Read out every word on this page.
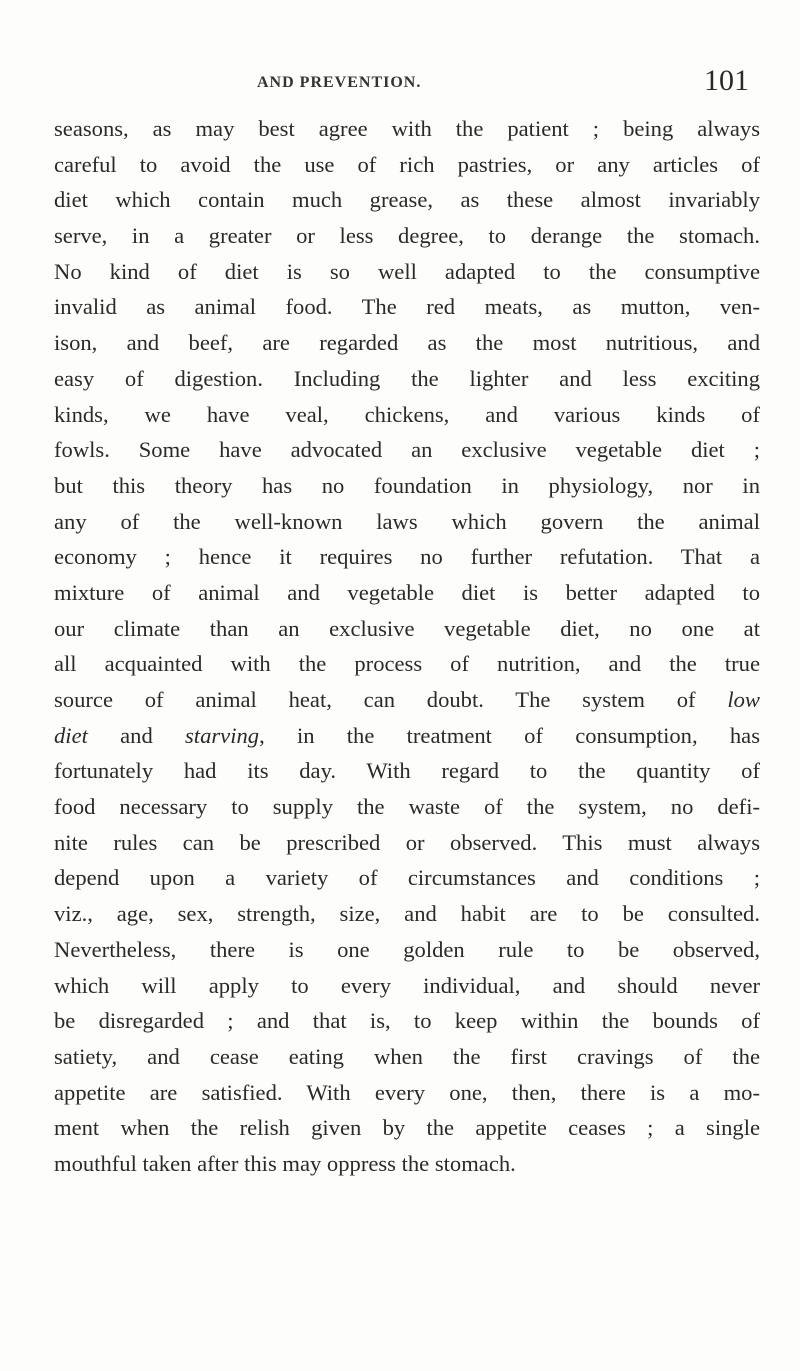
AND PREVENTION.	101
seasons, as may best agree with the patient ; being always
careful to avoid the use of rich pastries, or any articles of
diet which contain much grease, as these almost invariably
serve, in a greater or less degree, to derange the stomach.
No kind of diet is so well adapted to the consumptive
invalid as animal food. The red meats, as mutton, ven-
ison, and beef, are regarded as the most nutritious, and
easy of digestion. Including the lighter and less exciting
kinds, we have veal, chickens, and various kinds of
fowls. Some have advocated an exclusive vegetable diet ;
but this theory has no foundation in physiology, nor in
any of the well-known laws which govern the animal
economy ; hence it requires no further refutation. That a
mixture of animal and vegetable diet is better adapted to
our climate than an exclusive vegetable diet, no one at
all acquainted with the process of nutrition, and the true
source of animal heat, can doubt. The system of low
diet and starving, in the treatment of consumption, has
fortunately had its day. With regard to the quantity of
food necessary to supply the waste of the system, no defi-
nite rules can be prescribed or observed. This must always
depend upon a variety of circumstances and conditions ;
viz., age, sex, strength, size, and habit are to be consulted.
Nevertheless, there is one golden rule to be observed,
which will apply to every individual, and should never
be disregarded ; and that is, to keep within the bounds of
satiety, and cease eating when the first cravings of the
appetite are satisfied. With every one, then, there is a mo-
ment when the relish given by the appetite ceases ; a single
mouthful taken after this may oppress the stomach.
